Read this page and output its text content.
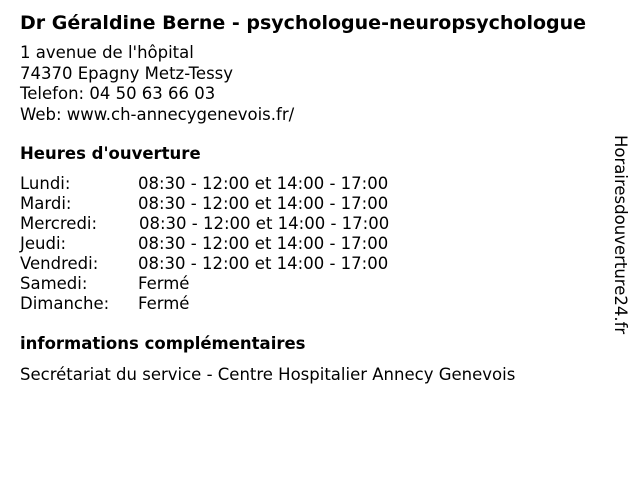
Dr Géraldine Berne - psychologue-neuropsychologue
1 avenue de l'hôpital
74370 Epagny Metz-Tessy
Telefon: 04 50 63 66 03
Web: www.ch-annecygenevois.fr/
Heures d'ouverture
Lundi:	08:30 - 12:00 et 14:00 - 17:00
Mardi:	08:30 - 12:00 et 14:00 - 17:00
Mercredi:	08:30 - 12:00 et 14:00 - 17:00
Jeudi:	08:30 - 12:00 et 14:00 - 17:00
Vendredi: 08:30 - 12:00 et 14:00 - 17:00
Samedi:	Fermé
Dimanche: Fermé
informations complémentaires
Secrétariat du service - Centre Hospitalier Annecy Genevois
Horairesdouverture24.fr
